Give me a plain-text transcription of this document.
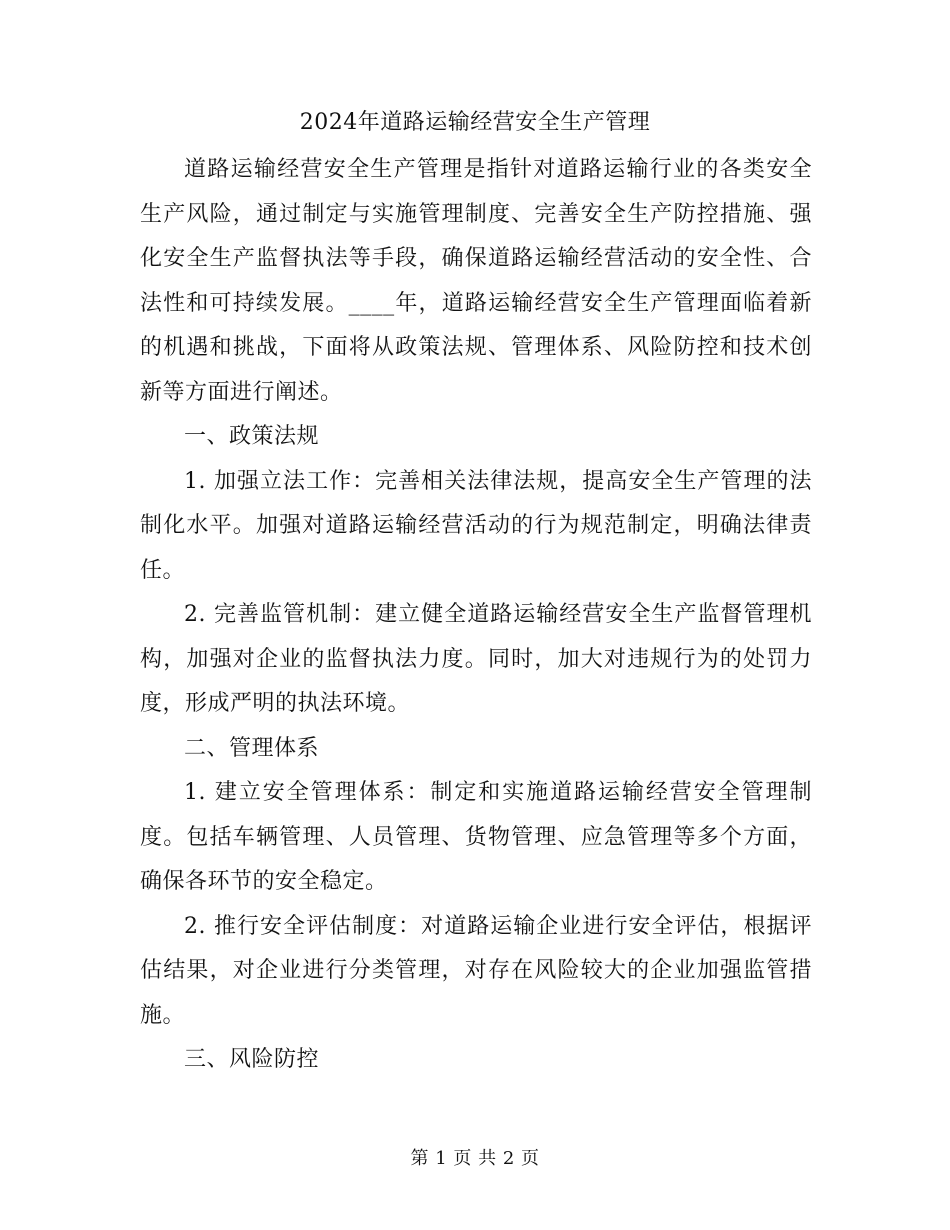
2024年道路运输经营安全生产管理

道路运输经营安全生产管理是指针对道路运输行业的各类安全生产风险，通过制定与实施管理制度、完善安全生产防控措施、强化安全生产监督执法等手段，确保道路运输经营活动的安全性、合法性和可持续发展。____年，道路运输经营安全生产管理面临着新的机遇和挑战，下面将从政策法规、管理体系、风险防控和技术创新等方面进行阐述。

一、政策法规

1. 加强立法工作：完善相关法律法规，提高安全生产管理的法制化水平。加强对道路运输经营活动的行为规范制定，明确法律责任。

2. 完善监管机制：建立健全道路运输经营安全生产监督管理机构，加强对企业的监督执法力度。同时，加大对违规行为的处罚力度，形成严明的执法环境。

二、管理体系

1. 建立安全管理体系：制定和实施道路运输经营安全管理制度。包括车辆管理、人员管理、货物管理、应急管理等多个方面，确保各环节的安全稳定。

2. 推行安全评估制度：对道路运输企业进行安全评估，根据评估结果，对企业进行分类管理，对存在风险较大的企业加强监管措施。

三、风险防控

第 1 页 共 2 页
